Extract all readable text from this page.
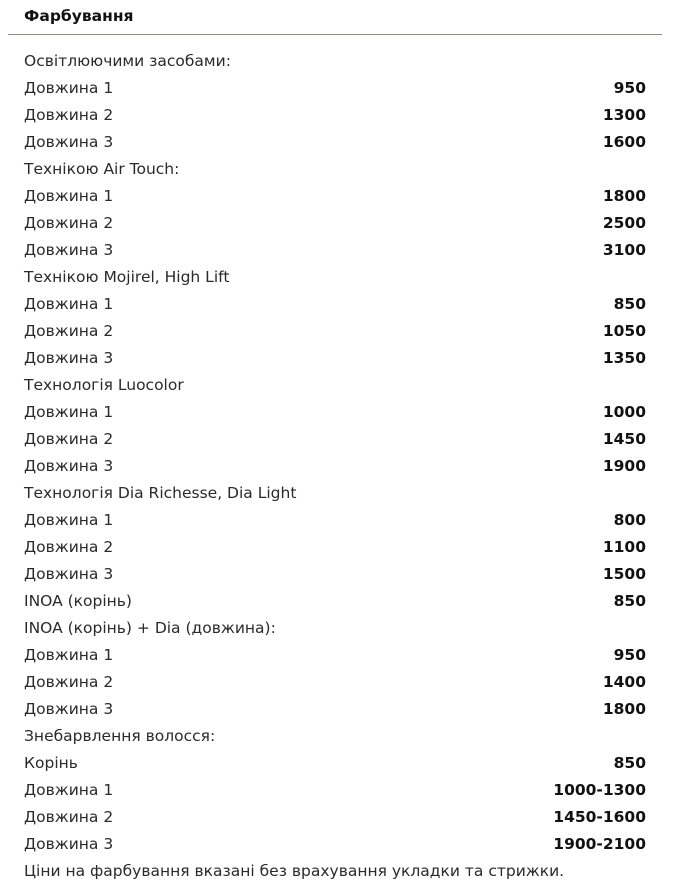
Фарбування
Освітлюючими засобами:
Довжина 1	950
Довжина 2	1300
Довжина 3	1600
Технікою Air Touch:
Довжина 1	1800
Довжина 2	2500
Довжина 3	3100
Технікою Mojirel, High Lift
Довжина 1	850
Довжина 2	1050
Довжина 3	1350
Технологія Luocolor
Довжина 1	1000
Довжина 2	1450
Довжина 3	1900
Технологія Dia Richesse, Dia Light
Довжина 1	800
Довжина 2	1100
Довжина 3	1500
INOA (корінь)	850
INOA (корінь) + Dia (довжина):
Довжина 1	950
Довжина 2	1400
Довжина 3	1800
Знебарвлення волосся:
Корінь	850
Довжина 1	1000-1300
Довжина 2	1450-1600
Довжина 3	1900-2100
Ціни на фарбування вказані без врахування укладки та стрижки.
